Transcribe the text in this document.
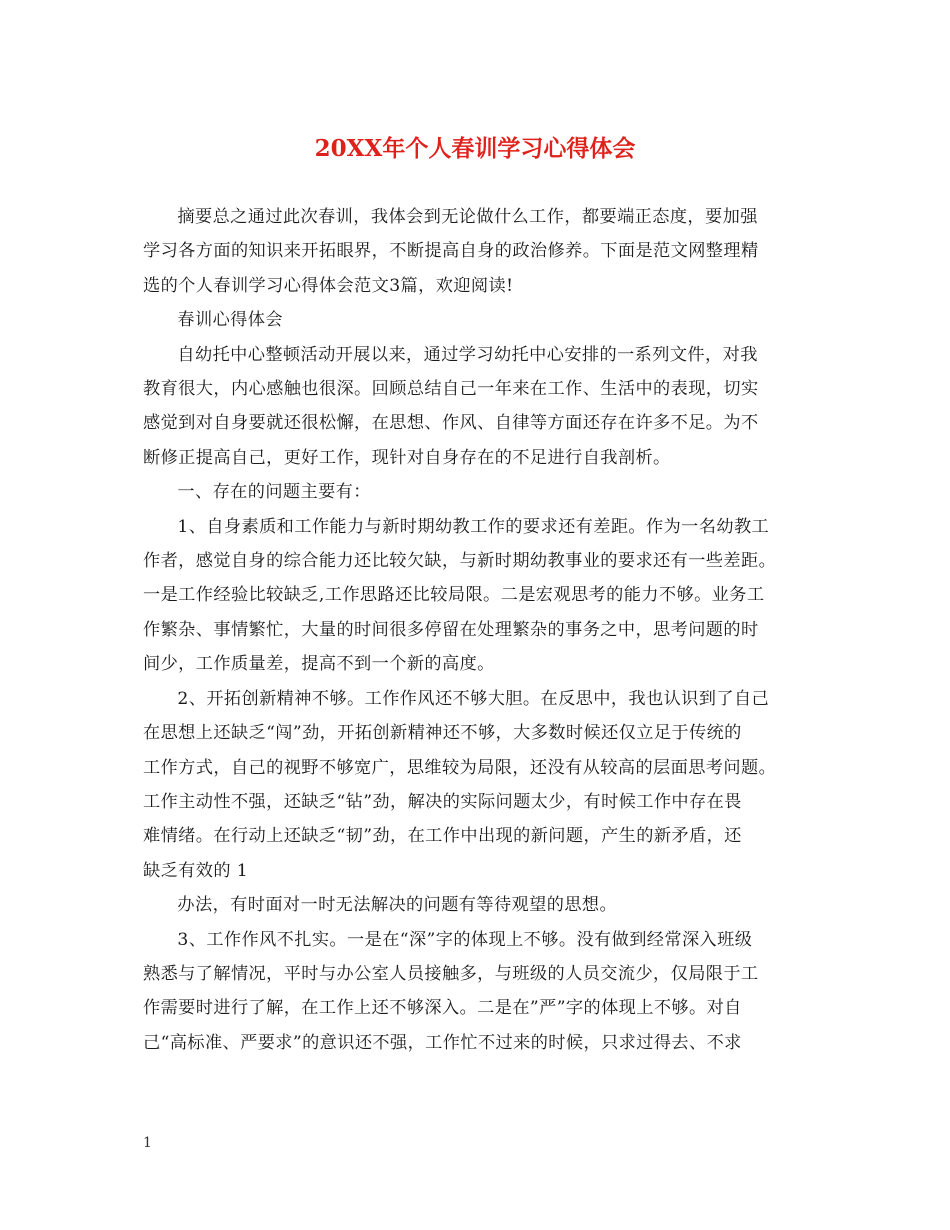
20XX年个人春训学习心得体会

摘要总之通过此次春训，我体会到无论做什么工作，都要端正态度，要加强
学习各方面的知识来开拓眼界，不断提高自身的政治修养。下面是范文网整理精
选的个人春训学习心得体会范文3篇，欢迎阅读!

春训心得体会

自幼托中心整顿活动开展以来，通过学习幼托中心安排的一系列文件，对我
教育很大，内心感触也很深。回顾总结自己一年来在工作、生活中的表现，切实
感觉到对自身要就还很松懈，在思想、作风、自律等方面还存在许多不足。为不
断修正提高自己，更好工作，现针对自身存在的不足进行自我剖析。

一、存在的问题主要有：

1、自身素质和工作能力与新时期幼教工作的要求还有差距。作为一名幼教工
作者，感觉自身的综合能力还比较欠缺，与新时期幼教事业的要求还有一些差距。
一是工作经验比较缺乏,工作思路还比较局限。二是宏观思考的能力不够。业务工
作繁杂、事情繁忙，大量的时间很多停留在处理繁杂的事务之中，思考问题的时
间少，工作质量差，提高不到一个新的高度。

2、开拓创新精神不够。工作作风还不够大胆。在反思中，我也认识到了自己
在思想上还缺乏“闯”劲，开拓创新精神还不够，大多数时候还仅立足于传统的
工作方式，自己的视野不够宽广，思维较为局限，还没有从较高的层面思考问题。
工作主动性不强，还缺乏“钻”劲，解决的实际问题太少，有时候工作中存在畏
难情绪。在行动上还缺乏“韧”劲，在工作中出现的新问题，产生的新矛盾，还
缺乏有效的 1

办法，有时面对一时无法解决的问题有等待观望的思想。

3、工作作风不扎实。一是在“深”字的体现上不够。没有做到经常深入班级
熟悉与了解情况，平时与办公室人员接触多，与班级的人员交流少，仅局限于工
作需要时进行了解，在工作上还不够深入。二是在”严”字的体现上不够。对自
己“高标准、严要求”的意识还不强，工作忙不过来的时候，只求过得去、不求

1
